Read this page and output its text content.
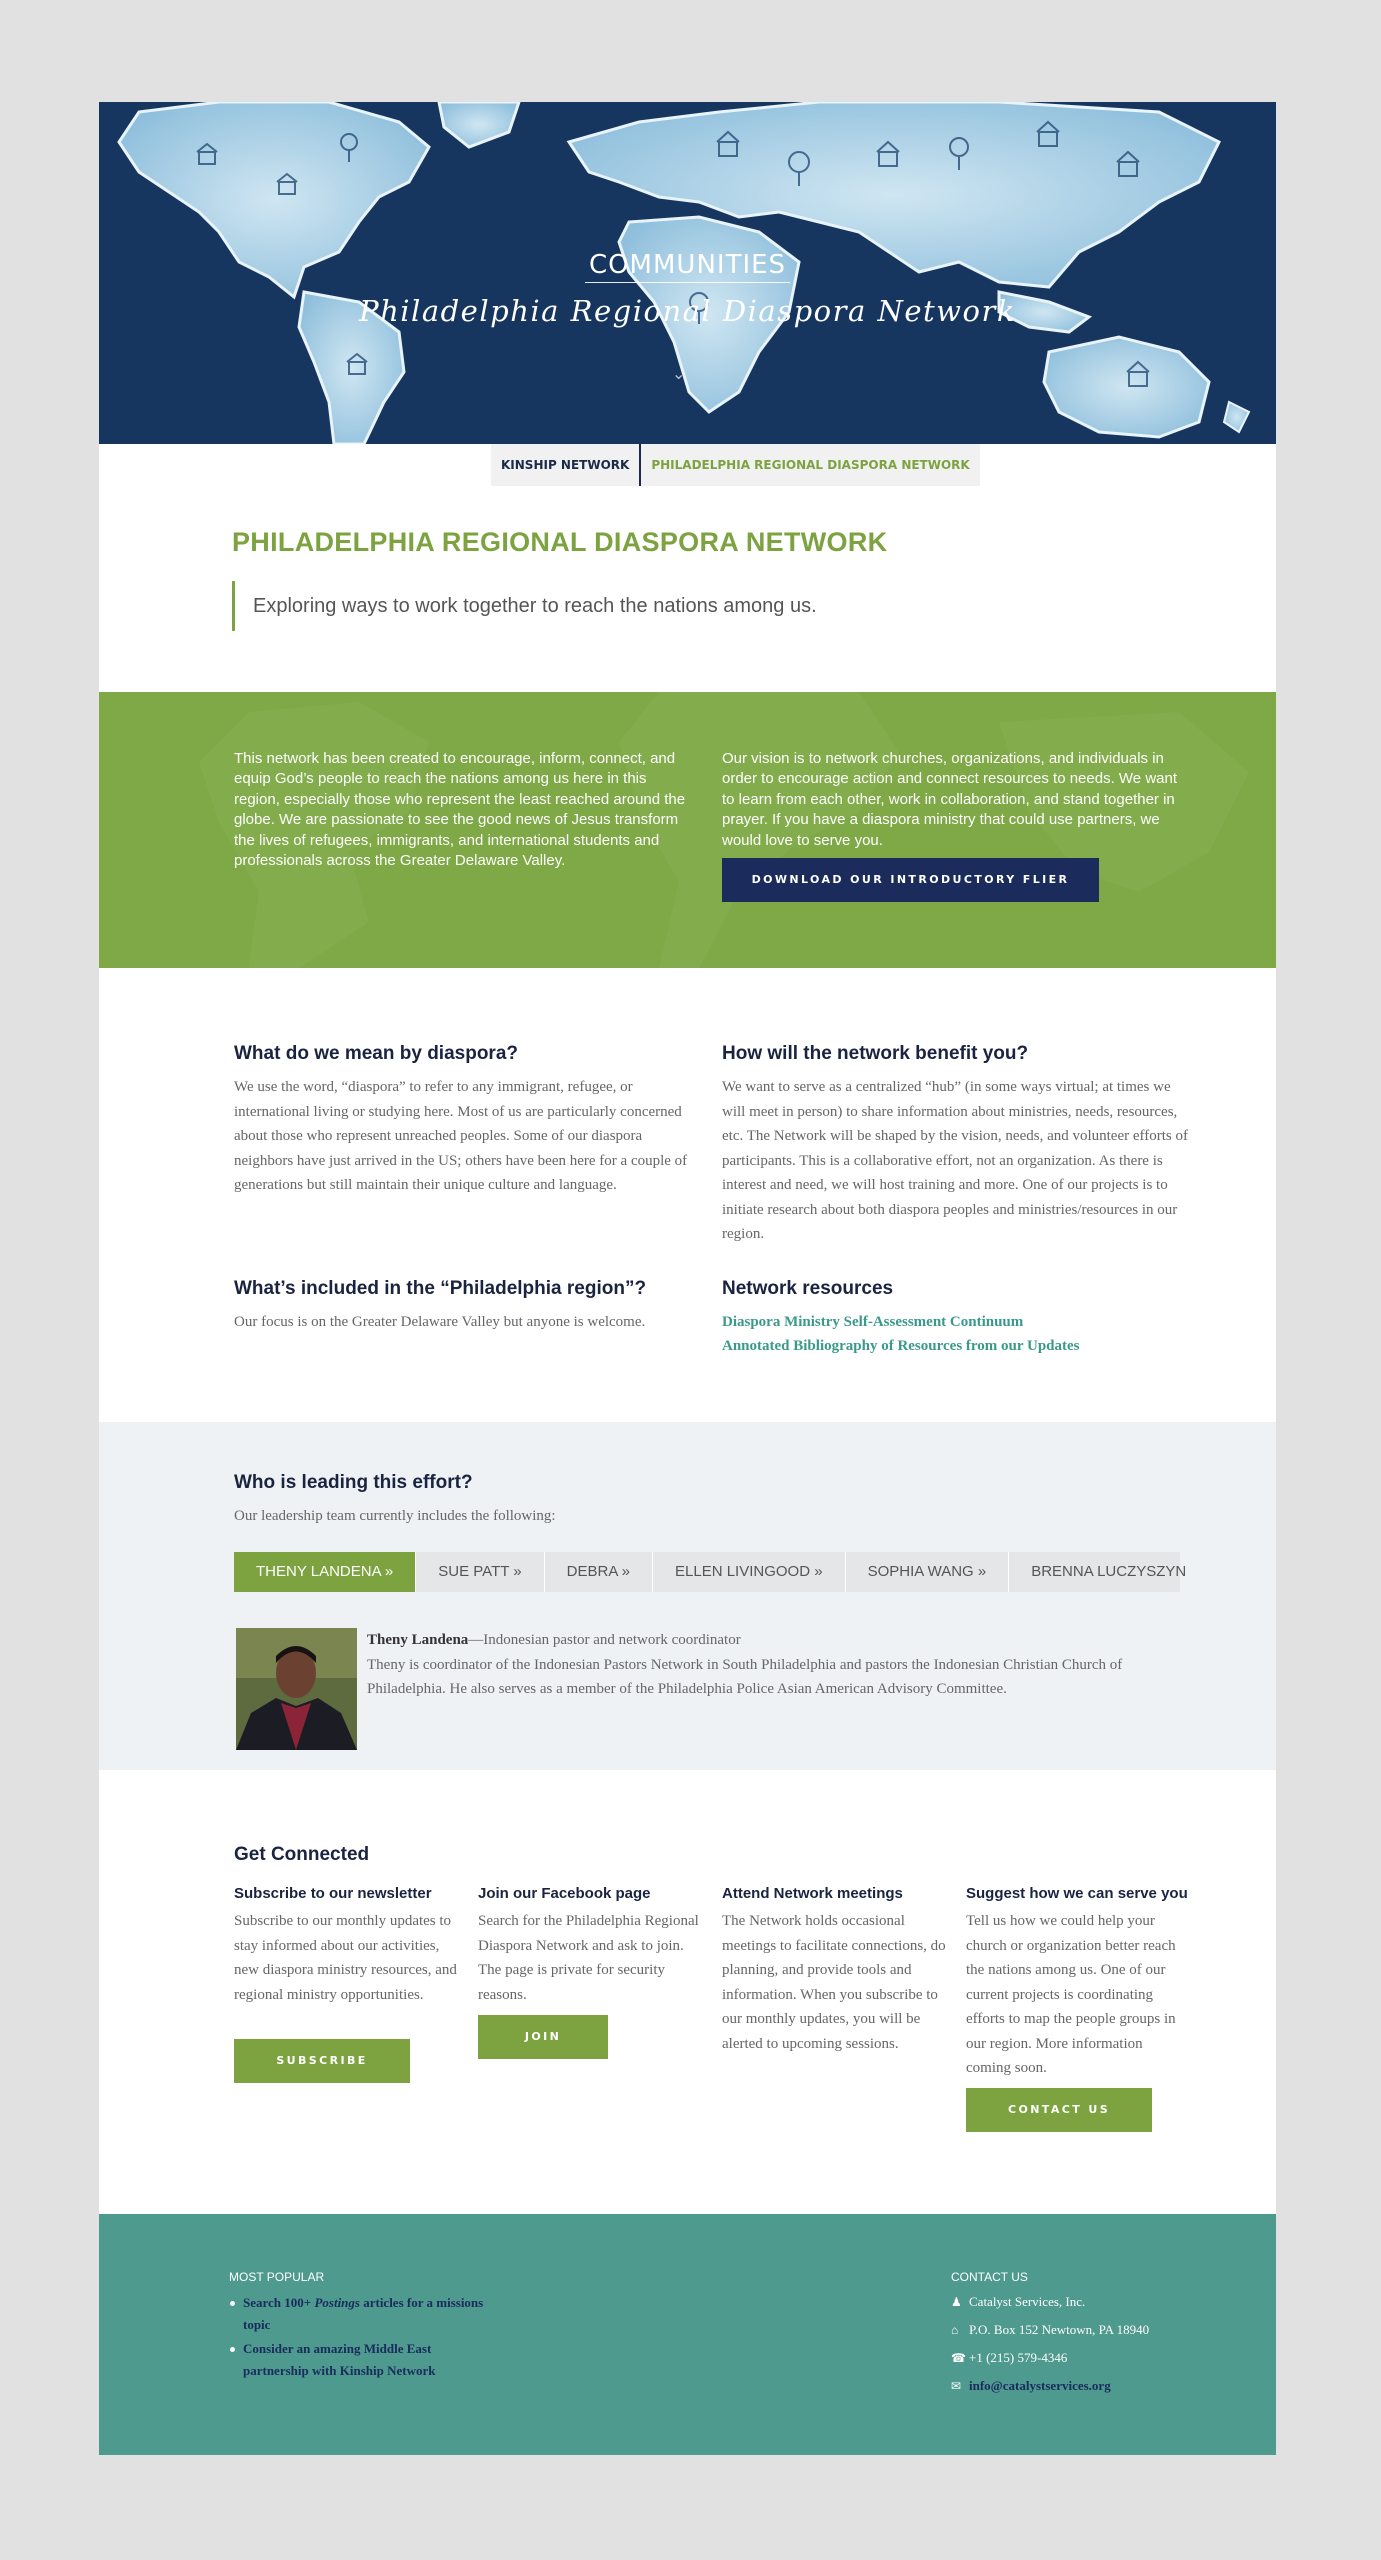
COMMUNITIES
Philadelphia Regional Diaspora Network
⌄
KINSHIP NETWORK	PHILADELPHIA REGIONAL DIASPORA NETWORK
PHILADELPHIA REGIONAL DIASPORA NETWORK
Exploring ways to work together to reach the nations among us.
This network has been created to encourage, inform, connect, and equip God’s people to reach the nations among us here in this region, especially those who represent the least reached around the globe. We are passionate to see the good news of Jesus transform the lives of refugees, immigrants, and international students and professionals across the Greater Delaware Valley.
Our vision is to network churches, organizations, and individuals in order to encourage action and connect resources to needs. We want to learn from each other, work in collaboration, and stand together in prayer. If you have a diaspora ministry that could use partners, we would love to serve you.
DOWNLOAD OUR INTRODUCTORY FLIER
What do we mean by diaspora?
We use the word, “diaspora” to refer to any immigrant, refugee, or international living or studying here. Most of us are particularly concerned about those who represent unreached peoples. Some of our diaspora neighbors have just arrived in the US; others have been here for a couple of generations but still maintain their unique culture and language.
How will the network benefit you?
We want to serve as a centralized “hub” (in some ways virtual; at times we will meet in person) to share information about ministries, needs, resources, etc. The Network will be shaped by the vision, needs, and volunteer efforts of participants. This is a collaborative effort, not an organization. As there is interest and need, we will host training and more. One of our projects is to initiate research about both diaspora peoples and ministries/resources in our region.
What’s included in the “Philadelphia region”?
Our focus is on the Greater Delaware Valley but anyone is welcome.
Network resources
Diaspora Ministry Self-Assessment Continuum
Annotated Bibliography of Resources from our Updates
Who is leading this effort?
Our leadership team currently includes the following:
THENY LANDENA »	SUE PATT »	DEBRA »	ELLEN LIVINGOOD »	SOPHIA WANG »	BRENNA LUCZYSZYN
Theny Landena—Indonesian pastor and network coordinator
Theny is coordinator of the Indonesian Pastors Network in South Philadelphia and pastors the Indonesian Christian Church of Philadelphia. He also serves as a member of the Philadelphia Police Asian American Advisory Committee.
Get Connected
Subscribe to our newsletter
Subscribe to our monthly updates to stay informed about our activities, new diaspora ministry resources, and regional ministry opportunities.
SUBSCRIBE
Join our Facebook page
Search for the Philadelphia Regional Diaspora Network and ask to join. The page is private for security reasons.
JOIN
Attend Network meetings
The Network holds occasional meetings to facilitate connections, do planning, and provide tools and information. When you subscribe to our monthly updates, you will be alerted to upcoming sessions.
Suggest how we can serve you
Tell us how we could help your church or organization better reach the nations among us. One of our current projects is coordinating efforts to map the people groups in our region. More information coming soon.
CONTACT US
MOST POPULAR
Search 100+ Postings articles for a missions topic
Consider an amazing Middle East partnership with Kinship Network
CONTACT US
♟ Catalyst Services, Inc.
⌂ P.O. Box 152 Newtown, PA 18940
☎ +1 (215) 579-4346
✉ info@catalystservices.org
